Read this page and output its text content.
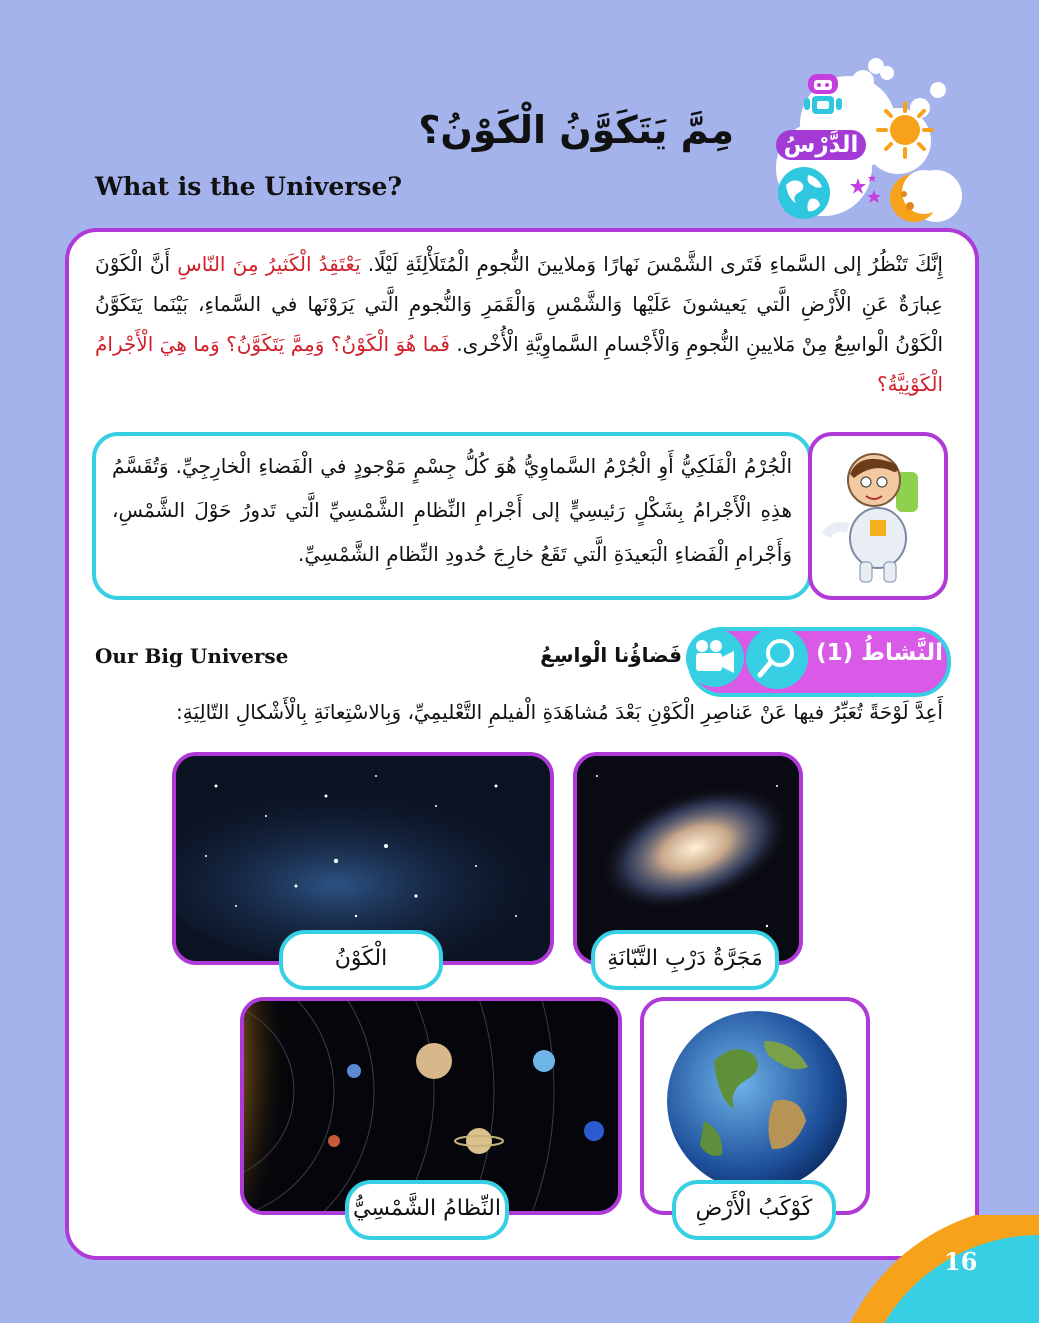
الدَّرْسُ
مِمَّ يَتَكَوَّنُ الْكَوْنُ؟
What is the Universe?
إِنَّكَ تَنْظُرُ إلى السَّماءِ فَتَرى الشَّمْسَ نَهارًا وَملايينَ النُّجومِ الْمُتَلَأْلِئَةِ لَيْلًا. يَعْتَقِدُ الْكَثيرُ مِنَ النّاسِ أَنَّ الْكَوْنَ عِبارَةٌ عَنِ الْأَرْضِ الَّتي يَعيشونَ عَلَيْها وَالشَّمْسِ وَالْقَمَرِ وَالنُّجومِ الَّتي يَرَوْنَها في السَّماءِ، بَيْنَما يَتَكَوَّنُ الْكَوْنُ الْواسِعُ مِنْ مَلايينِ النُّجومِ وَالْأَجْسامِ السَّماوِيَّةِ الْأُخْرى. فَما هُوَ الْكَوْنُ؟ وَمِمَّ يَتَكَوَّنُ؟ وَما هِيَ الْأَجْرامُ الْكَوْنِيَّةُ؟
الْجُرْمُ الْفَلَكِيُّ أَوِ الْجُرْمُ السَّماوِيُّ هُوَ كُلُّ جِسْمٍ مَوْجودٍ في الْفَضاءِ الْخارِجِيِّ. وَتُقَسَّمُ هذِهِ الْأَجْرامُ بِشَكْلٍ رَئيسِيٍّ إلى أَجْرامِ النِّظامِ الشَّمْسِيِّ الَّتي تَدورُ حَوْلَ الشَّمْسِ، وَأَجْرامِ الْفَضاءِ الْبَعيدَةِ الَّتي تَقَعُ خارِجَ حُدودِ النِّظامِ الشَّمْسِيِّ.
Our Big Universe	النَّشاطُ (1)
فَضاؤُنا الْواسِعُ
أَعِدَّ لَوْحَةً تُعَبِّرُ فيها عَنْ عَناصِرِ الْكَوْنِ بَعْدَ مُشاهَدَةِ الْفيلمِ التَّعْليمِيِّ، وَبِالاسْتِعانَةِ بِالْأَشْكالِ التّالِيَةِ:
الْكَوْنُ	مَجَرَّةُ دَرْبِ التَّبّانَةِ
النِّظامُ الشَّمْسِيُّ	كَوْكَبُ الْأَرْضِ
16
